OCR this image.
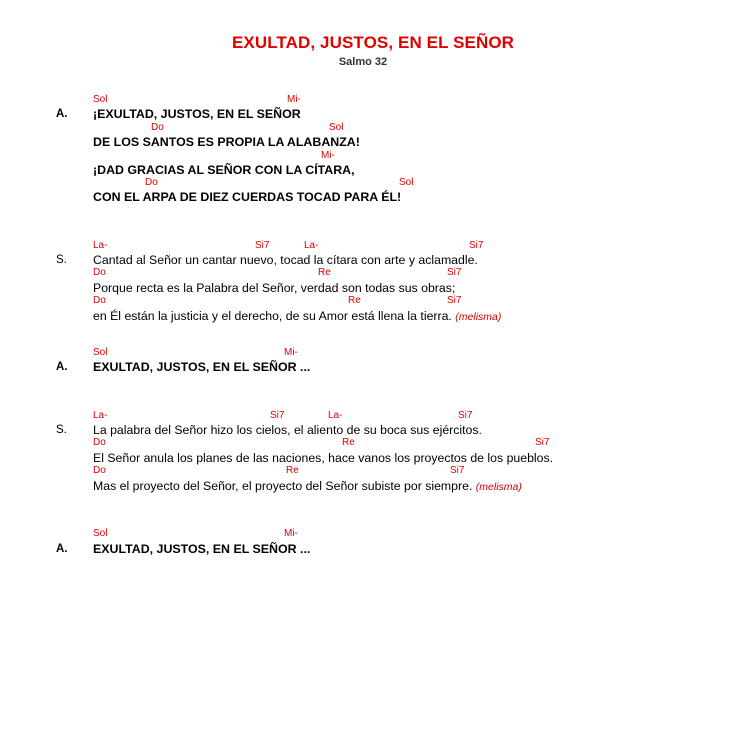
EXULTAD, JUSTOS, EN EL SEÑOR
Salmo 32
A.
Sol	Mi-
¡EXULTAD, JUSTOS, EN EL SEÑOR
Do	Sol
DE LOS SANTOS ES PROPIA LA ALABANZA!
Mi-
¡DAD GRACIAS AL SEÑOR CON LA CÍTARA,
Do	Sol
CON EL ARPA DE DIEZ CUERDAS TOCAD PARA ÉL!
S.
La-	Si7	La-	Si7
Cantad al Señor un cantar nuevo, tocad la cítara con arte y aclamadle.
Do	Re	Si7
Porque recta es la Palabra del Señor, verdad son todas sus obras;
Do	Re	Si7
en Él están la justicia y el derecho, de su Amor está llena la tierra. (melisma)
A.
Sol	Mi-
EXULTAD, JUSTOS, EN EL SEÑOR ...
S.
La-	Si7	La-	Si7
La palabra del Señor hizo los cielos, el aliento de su boca sus ejércitos.
Do	Re	Si7
El Señor anula los planes de las naciones, hace vanos los proyectos de los pueblos.
Do	Re	Si7
Mas el proyecto del Señor, el proyecto del Señor subiste por siempre. (melisma)
A.
Sol	Mi-
EXULTAD, JUSTOS, EN EL SEÑOR ...
